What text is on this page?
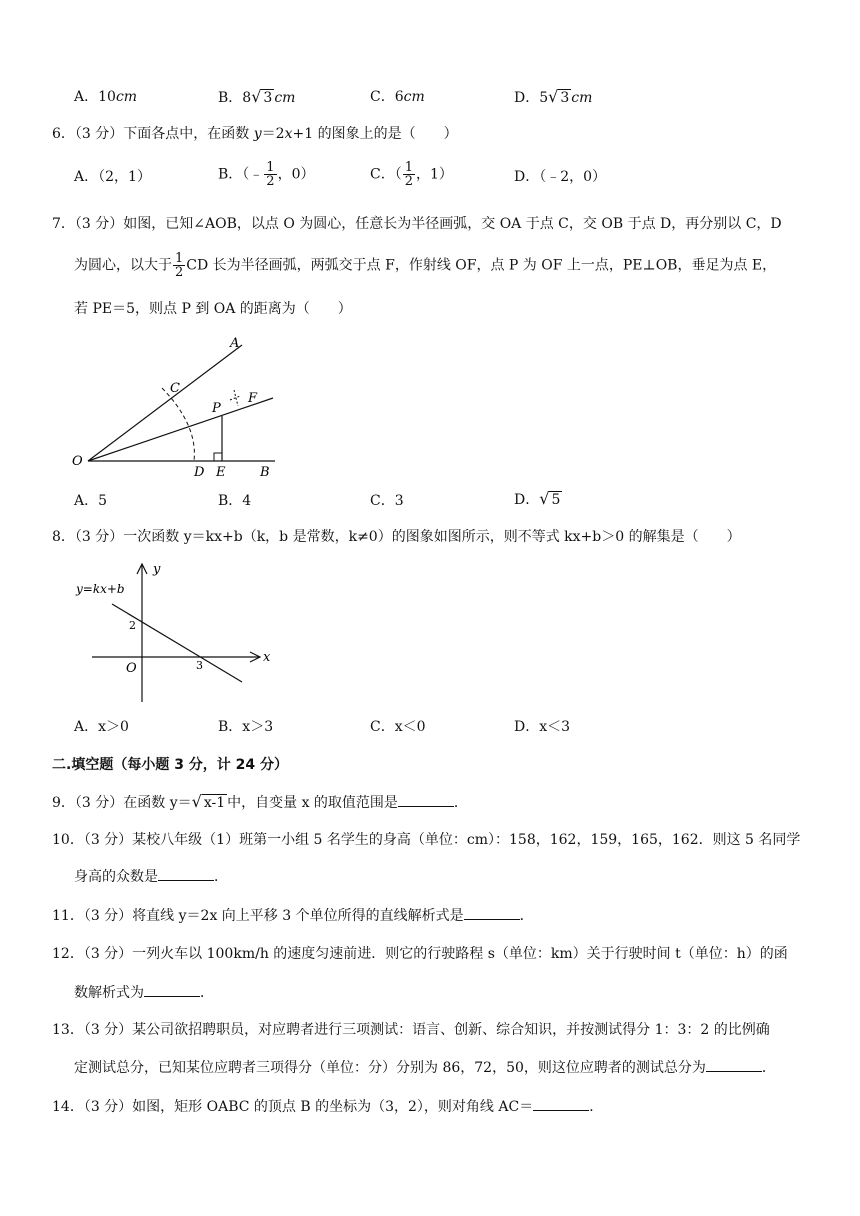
A．10cm	B．8√ 3 cm	C．6cm	D．5√ 3 cm
6．（3 分）下面各点中，在函数 y＝2x+1 的图象上的是（　　）
A．（2，1）	B．（﹣ $\frac{1}{2}$ ，0）	C．（ $\frac{1}{2}$ ，1）	D．（﹣2，0）
7．（3 分）如图，已知∠AOB，以点 O 为圆心，任意长为半径画弧，交 OA 于点 C，交 OB 于点 D，再分别以 C，D
为圆心，以大于 $\frac{1}{2}$ CD 长为半径画弧，两弧交于点 F，作射线 OF，点 P 为 OF 上一点，PE⊥OB，垂足为点 E，
若 PE＝5，则点 P 到 OA 的距离为（　　）
A
C
F
P
O
D E	B
A．5	B．4	C．3	D．√ 5
8．（3 分）一次函数 y＝kx+b（k，b 是常数，k≠0）的图象如图所示，则不等式 kx+b＞0 的解集是（　　）
y=kx+b
y
x
O
2
3
A．x＞0	B．x＞3	C．x＜0	D．x＜3
二.填空题（每小题 3 分，计 24 分）
9．（3 分）在函数 y＝√ x-1 中，自变量 x 的取值范围是	．
10．（3 分）某校八年级（1）班第一小组 5 名学生的身高（单位：cm）：158，162，159，165，162．则这 5 名同学
身高的众数是	．
11．（3 分）将直线 y＝2x 向上平移 3 个单位所得的直线解析式是	．
12．（3 分）一列火车以 100km/h 的速度匀速前进．则它的行驶路程 s（单位：km）关于行驶时间 t（单位：h）的函
数解析式为	．
13．（3 分）某公司欲招聘职员，对应聘者进行三项测试：语言、创新、综合知识，并按测试得分 1：3：2 的比例确
定测试总分，已知某位应聘者三项得分（单位：分）分别为 86，72，50，则这位应聘者的测试总分为	．
14．（3 分）如图，矩形 OABC 的顶点 B 的坐标为（3，2），则对角线 AC＝	．
